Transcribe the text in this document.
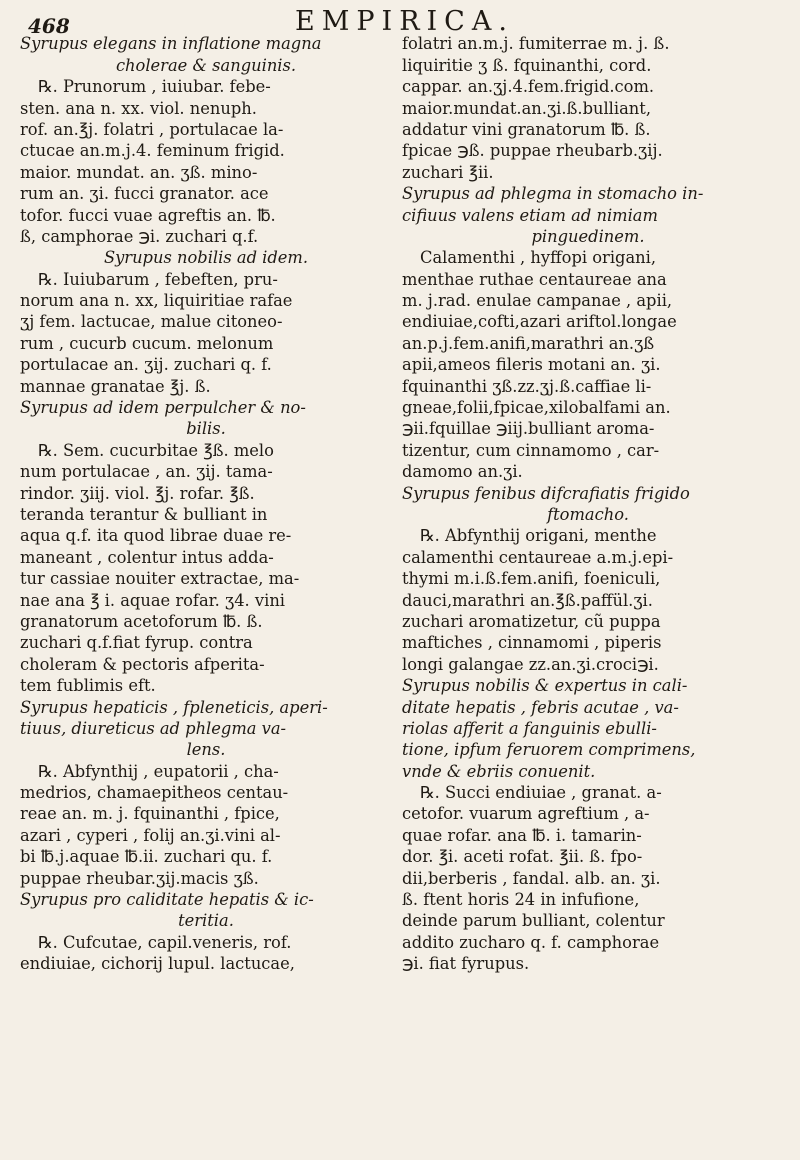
468	EMPIRICA.
Syrupus elegans in inflatione magna
cholerae & sanguinis.
℞. Prunorum , iuiubar. febe-
sten. ana n. xx. viol. nenuph.
rof. an.℥j. folatri , portulacae la-
ctucae an.m.j.4. feminum frigid.
maior. mundat. an. ʒß. mino-
rum an. ʒi. fucci granator. ace
tofor. fucci vuae agreftis an. ℔.
ß, camphorae ℈i. zuchari q.f.
Syrupus nobilis ad idem.
℞. Iuiubarum , febeften, pru-
norum ana n. xx, liquiritiae rafae
ʒj fem. lactucae, malue citoneo-
rum , cucurb cucum. melonum
portulacae an. ʒij. zuchari q. f.
mannae granatae ℥j. ß.
Syrupus ad idem perpulcher & no-
bilis.
℞. Sem. cucurbitae ℥ß. melo
num portulacae , an. ʒij. tama-
rindor. ʒiij. viol. ℥j. rofar. ℥ß.
teranda terantur & bulliant in
aqua q.f. ita quod librae duae re-
maneant , colentur intus adda-
tur cassiae nouiter extractae, ma-
nae ana ℥ i. aquae rofar. ʒ4. vini
granatorum acetoforum ℔. ß.
zuchari q.f.fiat fyrup. contra
choleram & pectoris afperita-
tem fublimis eft.
Syrupus hepaticis , fpleneticis, aperi-
tiuus, diureticus ad phlegma va-
lens.
℞. Abfynthij , eupatorii , cha-
medrios, chamaepitheos centau-
reae an. m. j. fquinanthi , fpice,
azari , cyperi , folij an.ʒi.vini al-
bi ℔.j.aquae ℔.ii. zuchari qu. f.
puppae rheubar.ʒij.macis ʒß.
Syrupus pro caliditate hepatis & ic-
teritia.
℞. Cufcutae, capil.veneris, rof.
endiuiae, cichorij lupul. lactucae,
folatri an.m.j. fumiterrae m. j. ß.
liquiritie ʒ ß. fquinanthi, cord.
cappar. an.ʒj.4.fem.frigid.com.
maior.mundat.an.ʒi.ß.bulliant,
addatur vini granatorum ℔. ß.
fpicae ℈ß. puppae rheubarb.ʒij.
zuchari ℥ii.
Syrupus ad phlegma in stomacho in-
cifiuus valens etiam ad nimiam
pinguedinem.
Calamenthi , hyffopi origani,
menthae ruthae centaureae ana
m. j.rad. enulae campanae , apii,
endiuiae,cofti,azari ariftol.longae
an.p.j.fem.anifi,marathri an.ʒß
apii,ameos fileris motani an. ʒi.
fquinanthi ʒß.zz.ʒj.ß.caffiae li-
gneae,folii,fpicae,xilobalfami an.
℈ii.fquillae ℈iij.bulliant aroma-
tizentur, cum cinnamomo , car-
damomo an.ʒi.
Syrupus fenibus difcrafiatis frigido
ftomacho.
℞. Abfynthij origani, menthe
calamenthi centaureae a.m.j.epi-
thymi m.i.ß.fem.anifi, foeniculi,
dauci,marathri an.℥ß.paffül.ʒi.
zuchari aromatizetur, cũ puppa
maftiches , cinnamomi , piperis
longi galangae zz.an.ʒi.croci℈i.
Syrupus nobilis & expertus in cali-
ditate hepatis , febris acutae , va-
riolas afferit a fanguinis ebulli-
tione, ipfum feruorem comprimens,
vnde & ebriis conuenit.
℞. Succi endiuiae , granat. a-
cetofor. vuarum agreftium , a-
quae rofar. ana ℔. i. tamarin-
dor. ℥i. aceti rofat. ℥ii. ß. fpo-
dii,berberis , fandal. alb. an. ʒi.
ß. ftent horis 24 in infufione,
deinde parum bulliant, colentur
addito zucharo q. f. camphorae
℈i. fiat fyrupus.
